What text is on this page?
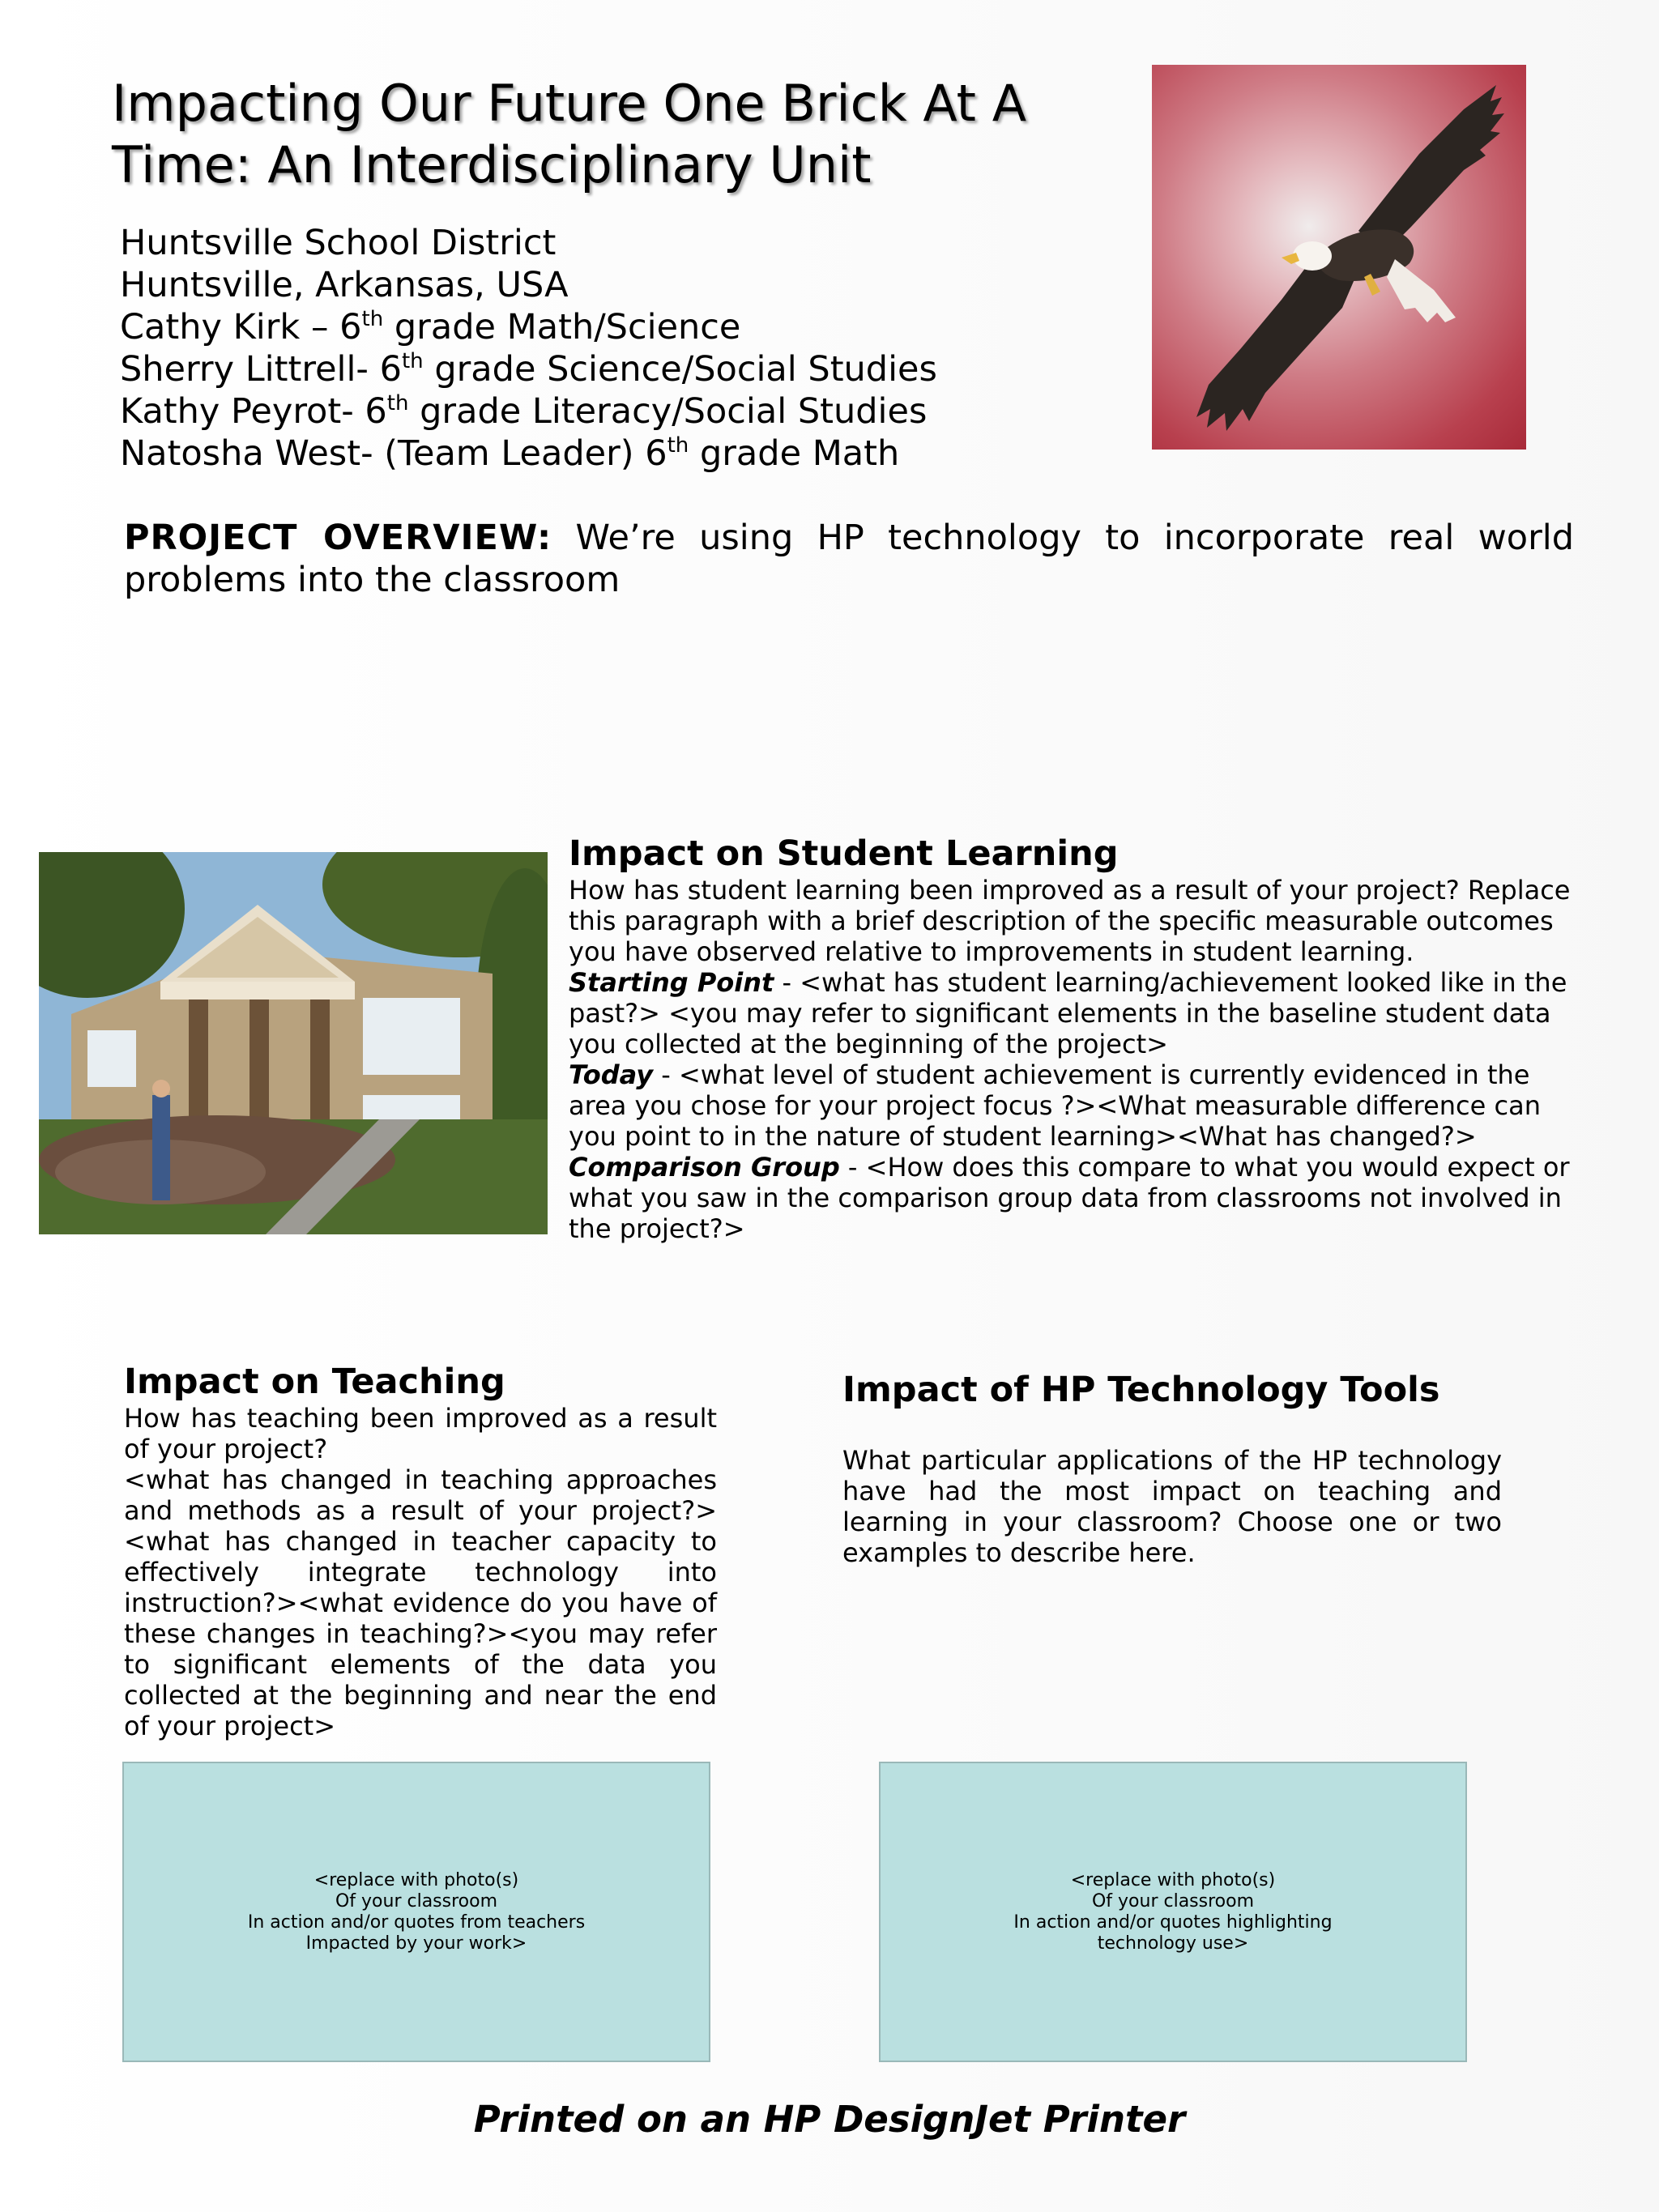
Impacting Our Future One Brick At A Time: An Interdisciplinary Unit
Huntsville School District
Huntsville, Arkansas, USA
Cathy Kirk – 6th grade Math/Science
Sherry Littrell- 6th grade Science/Social Studies
Kathy Peyrot- 6th grade Literacy/Social Studies
Natosha West- (Team Leader) 6th grade Math

PROJECT OVERVIEW: We’re using HP technology to incorporate real world problems into the classroom

Impact on Student Learning

How has student learning been improved as a result of your project? Replace this paragraph with a brief description of the specific measurable outcomes you have observed relative to improvements in student learning.

Starting Point - <what has student learning/achievement looked like in the past?> <you may refer to significant elements in the baseline student data you collected at the beginning of the project>

Today - <what level of student achievement is currently evidenced in the area you chose for your project focus ?><What measurable difference can you point to in the nature of student learning><What has changed?>

Comparison Group - <How does this compare to what you would expect or what you saw in the comparison group data from classrooms not involved in the project?>

Impact on Teaching

How has teaching been improved as a result of your project?

<what has changed in teaching approaches and methods as a result of your project?><what has changed in teacher capacity to effectively integrate technology into instruction?><what evidence do you have of these changes in teaching?><you may refer to significant elements of the data you collected at the beginning and near the end of your project>

Impact of HP Technology Tools

What particular applications of the HP technology have had the most impact on teaching and learning in your classroom? Choose one or two examples to describe here.

<replace with photo(s)
Of your classroom
In action and/or quotes from teachers
Impacted by your work>
<replace with photo(s)
Of your classroom
In action and/or quotes highlighting
technology use>
Printed on an HP DesignJet Printer
